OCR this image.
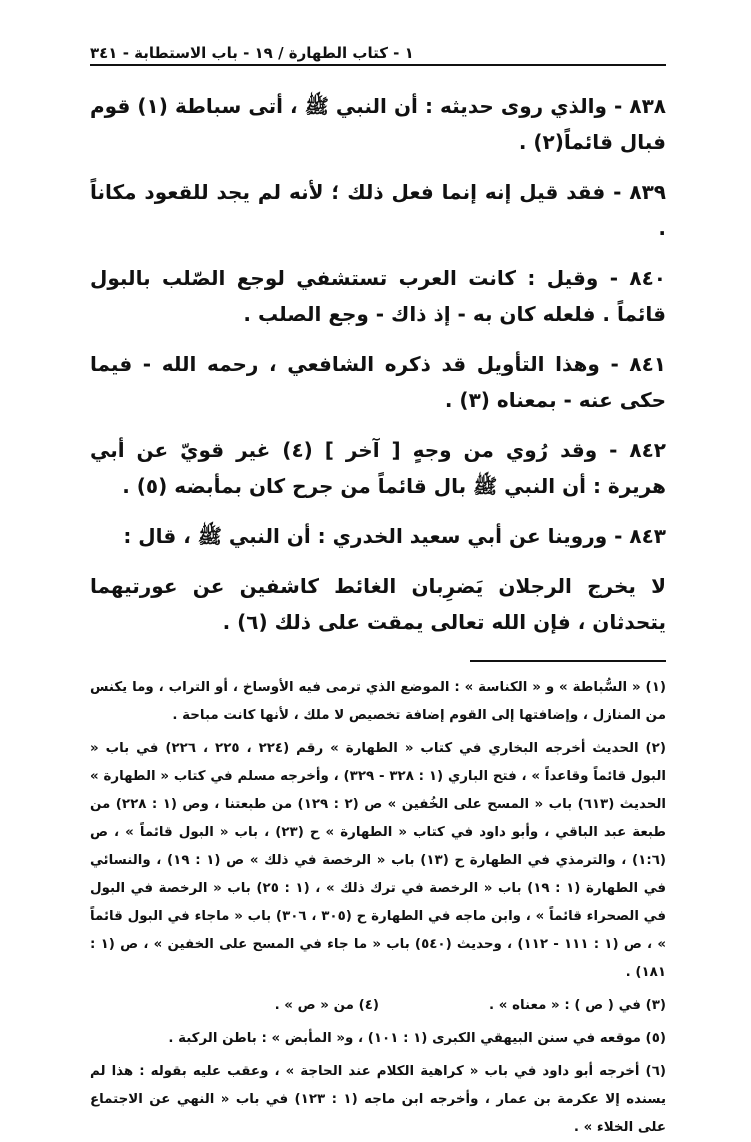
١ - كتاب الطهارة / ١٩ - باب الاستطابة - ٣٤١

٨٣٨ - والذي روى حديثه : أن النبي ﷺ ، أتى سباطة (١) قوم فبال قائماً(٢) .

٨٣٩ - فقد قيل إنه إنما فعل ذلك ؛ لأنه لم يجد للقعود مكاناً .

٨٤٠ - وقيل : كانت العرب تستشفي لوجع الصّلب بالبول قائماً . فلعله كان به - إذ ذاك - وجع الصلب .

٨٤١ - وهذا التأويل قد ذكره الشافعي ، رحمه الله - فيما حكى عنه - بمعناه (٣) .

٨٤٢ - وقد رُوي من وجهٍ [ آخر ] (٤) غير قويّ عن أبي هريرة : أن النبي ﷺ بال قائماً من جرح كان بمأبضه (٥) .

٨٤٣ - وروينا عن أبي سعيد الخدري : أن النبي ﷺ ، قال :

لا يخرج الرجلان يَضرِبان الغائط كاشفين عن عورتيهما يتحدثان ، فإن الله تعالى يمقت على ذلك (٦) .

(١) « السُّباطة » و « الكناسة » : الموضع الذي ترمى فيه الأوساخ ، أو التراب ، وما يكنس من المنازل ، وإضافتها إلى القوم إضافة تخصيص لا ملك ، لأنها كانت مباحة .

(٢) الحديث أخرجه البخاري في كتاب « الطهارة » رقم (٢٢٤ ، ٢٢٥ ، ٢٢٦) في باب « البول قائماً وقاعداً » ، فتح الباري (١ : ٣٢٨ - ٣٢٩) ، وأخرجه مسلم في كتاب « الطهارة » الحديث (٦١٣) باب « المسح على الخُفين » ص (٢ : ١٢٩) من طبعتنا ، وص (١ : ٢٢٨) من طبعة عبد الباقي ، وأبو داود في كتاب « الطهارة » ح (٢٣) ، باب « البول قائماً » ، ص (١:٦) ، والترمذي في الطهارة ح (١٣) باب « الرخصة في ذلك » ص (١ : ١٩) ، والنسائي في الطهارة (١ : ١٩) باب « الرخصة في ترك ذلك » ، (١ : ٢٥) باب « الرخصة في البول في الصحراء قائماً » ، وابن ماجه في الطهارة ح (٣٠٥ ، ٣٠٦) باب « ماجاء في البول قائماً » ، ص (١ : ١١١ - ١١٢) ، وحديث (٥٤٠) باب « ما جاء في المسح على الخفين » ، ص (١ : ١٨١) .

(٣) في ( ص ) : « معناه » .
(٤) من « ص » .

(٥) موقعه في سنن البيهقي الكبرى (١ : ١٠١) ، و« المأبض » : باطن الركبة .

(٦) أخرجه أبو داود في باب « كراهية الكلام عند الحاجة » ، وعقب عليه بقوله : هذا لم يسنده إلا عكرمة بن عمار ، وأخرجه ابن ماجه (١ : ١٢٣) في باب « النهي عن الاجتماع على الخلاء » .
